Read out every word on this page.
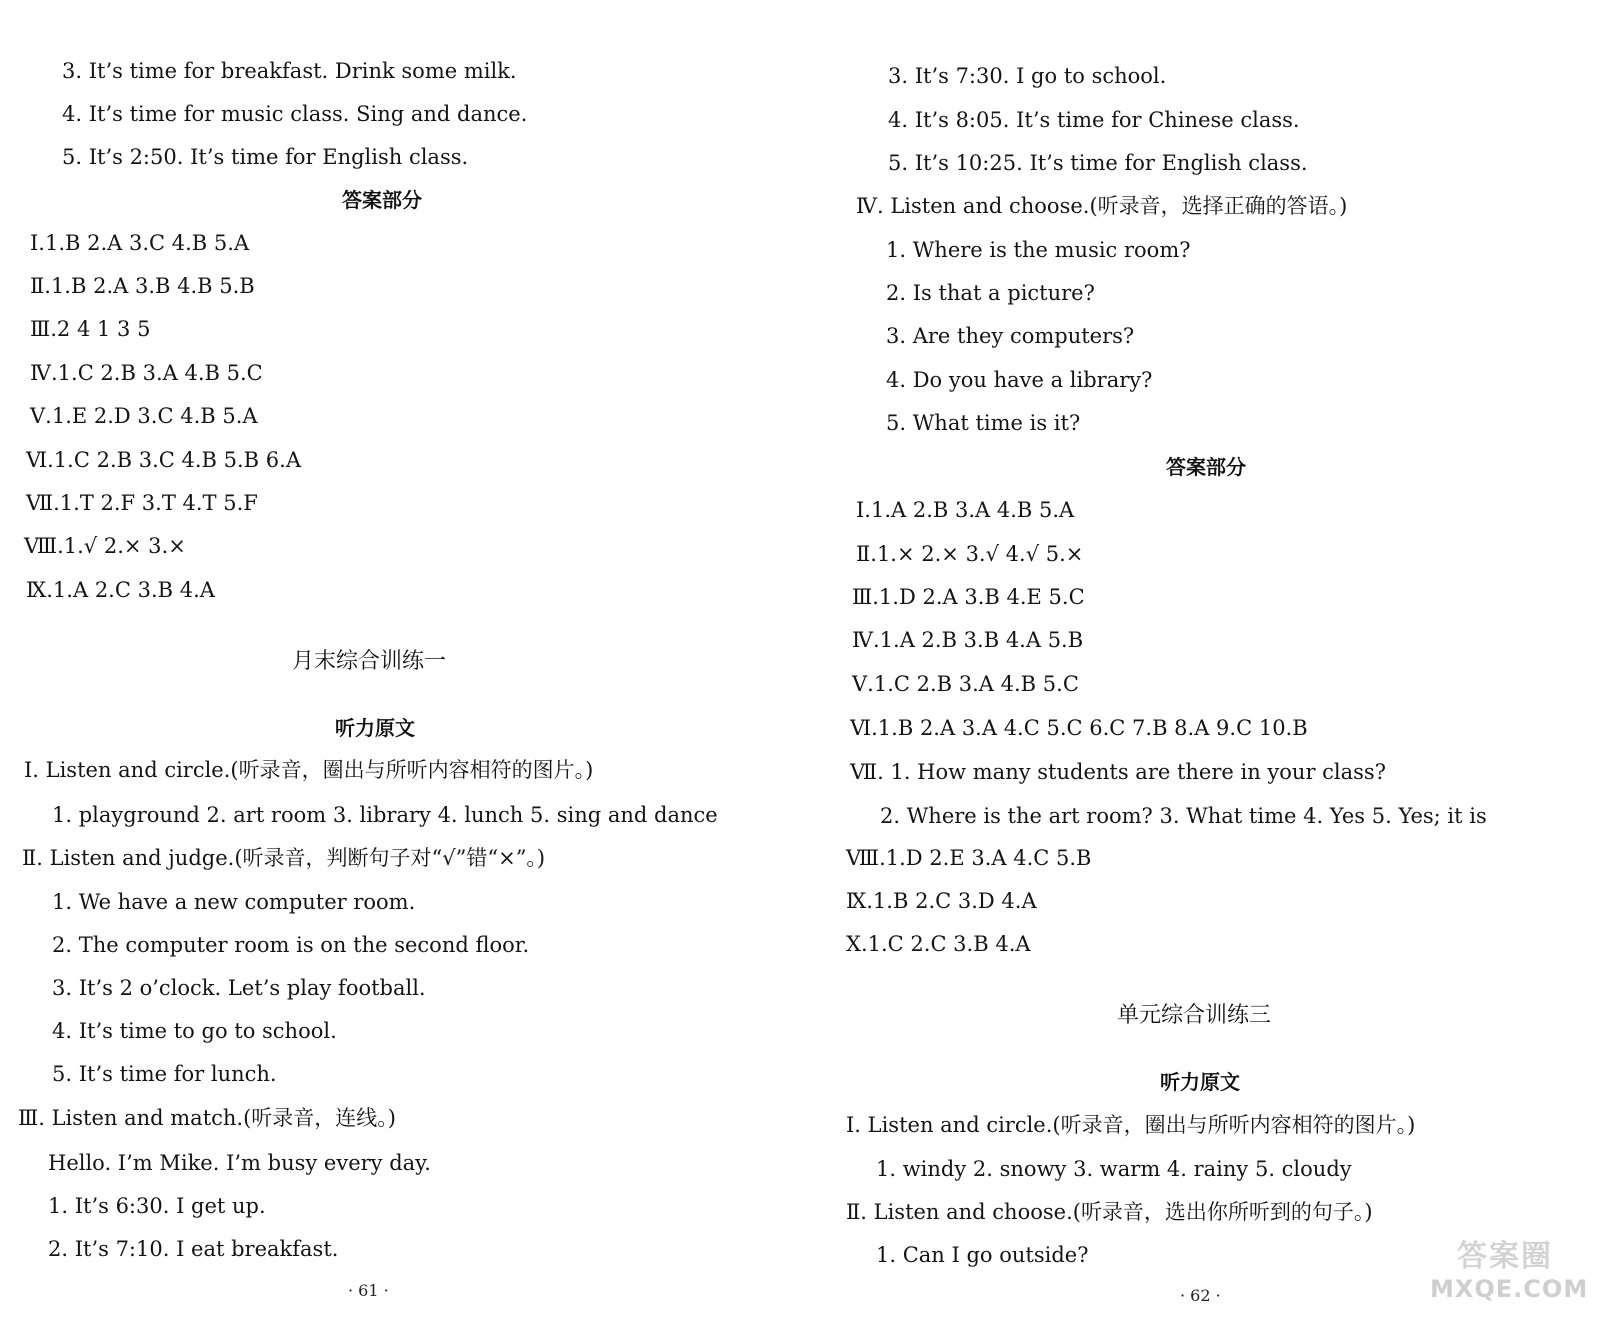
3. It’s time for breakfast. Drink some milk.
4. It’s time for music class. Sing and dance.
5. It’s 2:50. It’s time for English class.
答案部分
Ⅰ.1.B 2.A 3.C 4.B 5.A
Ⅱ.1.B 2.A 3.B 4.B 5.B
Ⅲ.2 4 1 3 5
Ⅳ.1.C 2.B 3.A 4.B 5.C
Ⅴ.1.E 2.D 3.C 4.B 5.A
Ⅵ.1.C 2.B 3.C 4.B 5.B 6.A
Ⅶ.1.T 2.F 3.T 4.T 5.F
Ⅷ.1.√ 2.× 3.×
Ⅸ.1.A 2.C 3.B 4.A
月末综合训练一
听力原文
Ⅰ. Listen and circle.(听录音，圈出与所听内容相符的图片。)
1. playground 2. art room 3. library 4. lunch 5. sing and dance
Ⅱ. Listen and judge.(听录音，判断句子对“√”错“×”。)
1. We have a new computer room.
2. The computer room is on the second floor.
3. It’s 2 o’clock. Let’s play football.
4. It’s time to go to school.
5. It’s time for lunch.
Ⅲ. Listen and match.(听录音，连线。)
Hello. I’m Mike. I’m busy every day.
1. It’s 6:30. I get up.
2. It’s 7:10. I eat breakfast.
· 61 ·
3. It’s 7:30. I go to school.
4. It’s 8:05. It’s time for Chinese class.
5. It’s 10:25. It’s time for English class.
Ⅳ. Listen and choose.(听录音，选择正确的答语。)
1. Where is the music room?
2. Is that a picture?
3. Are they computers?
4. Do you have a library?
5. What time is it?
答案部分
Ⅰ.1.A 2.B 3.A 4.B 5.A
Ⅱ.1.× 2.× 3.√ 4.√ 5.×
Ⅲ.1.D 2.A 3.B 4.E 5.C
Ⅳ.1.A 2.B 3.B 4.A 5.B
Ⅴ.1.C 2.B 3.A 4.B 5.C
Ⅵ.1.B 2.A 3.A 4.C 5.C 6.C 7.B 8.A 9.C 10.B
Ⅶ. 1. How many students are there in your class?
2. Where is the art room? 3. What time 4. Yes 5. Yes; it is
Ⅷ.1.D 2.E 3.A 4.C 5.B
Ⅸ.1.B 2.C 3.D 4.A
Ⅹ.1.C 2.C 3.B 4.A
单元综合训练三
听力原文
Ⅰ. Listen and circle.(听录音，圈出与所听内容相符的图片。)
1. windy 2. snowy 3. warm 4. rainy 5. cloudy
Ⅱ. Listen and choose.(听录音，选出你所听到的句子。)
1. Can I go outside?
· 62 ·
答案圈
MXQE.COM
